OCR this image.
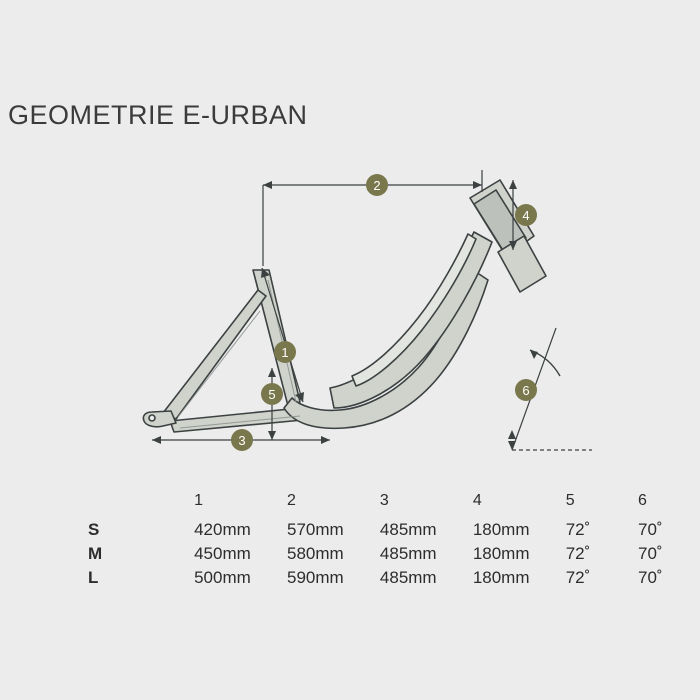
GEOMETRIE E-URBAN
1
2
3
4
5	6
	1	2	3	4	5	6
S	420mm	570mm	485mm	180mm	72˚	70˚
M	450mm	580mm	485mm	180mm	72˚	70˚
L	500mm	590mm	485mm	180mm	72˚	70˚
